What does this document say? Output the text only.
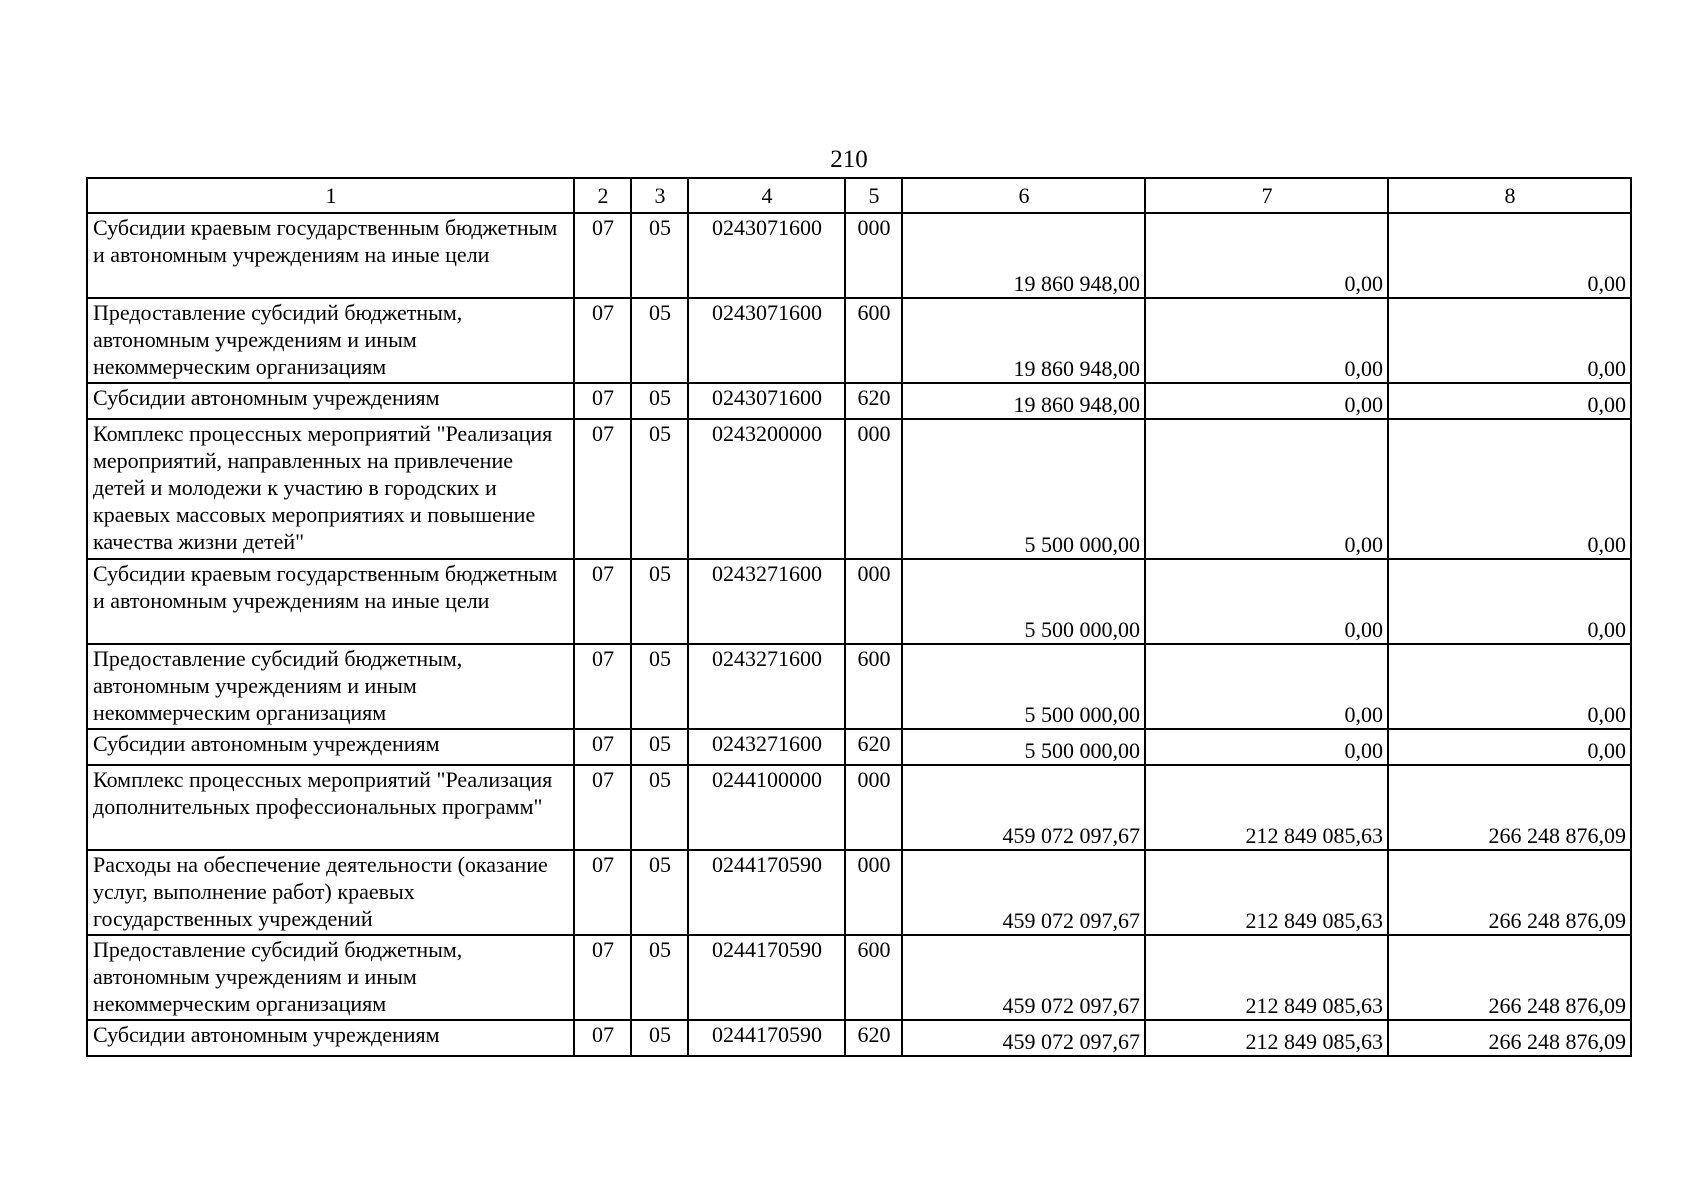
210
1	2	3	4	5	6	7	8
Субсидии краевым государственным бюджетным и автономным учреждениям на иные цели	07	05	0243071600	000	19 860 948,00	0,00	0,00
Предоставление субсидий бюджетным, автономным учреждениям и иным некоммерческим организациям	07	05	0243071600	600	19 860 948,00	0,00	0,00
Субсидии автономным учреждениям	07	05	0243071600	620	19 860 948,00	0,00	0,00
Комплекс процессных мероприятий "Реализация мероприятий, направленных на привлечение детей и молодежи к участию в городских и краевых массовых мероприятиях и повышение качества жизни детей"	07	05	0243200000	000	5 500 000,00	0,00	0,00
Субсидии краевым государственным бюджетным и автономным учреждениям на иные цели	07	05	0243271600	000	5 500 000,00	0,00	0,00
Предоставление субсидий бюджетным, автономным учреждениям и иным некоммерческим организациям	07	05	0243271600	600	5 500 000,00	0,00	0,00
Субсидии автономным учреждениям	07	05	0243271600	620	5 500 000,00	0,00	0,00
Комплекс процессных мероприятий "Реализация дополнительных профессиональных программ"	07	05	0244100000	000	459 072 097,67	212 849 085,63	266 248 876,09
Расходы на обеспечение деятельности (оказание услуг, выполнение работ) краевых государственных учреждений	07	05	0244170590	000	459 072 097,67	212 849 085,63	266 248 876,09
Предоставление субсидий бюджетным, автономным учреждениям и иным некоммерческим организациям	07	05	0244170590	600	459 072 097,67	212 849 085,63	266 248 876,09
Субсидии автономным учреждениям	07	05	0244170590	620	459 072 097,67	212 849 085,63	266 248 876,09
